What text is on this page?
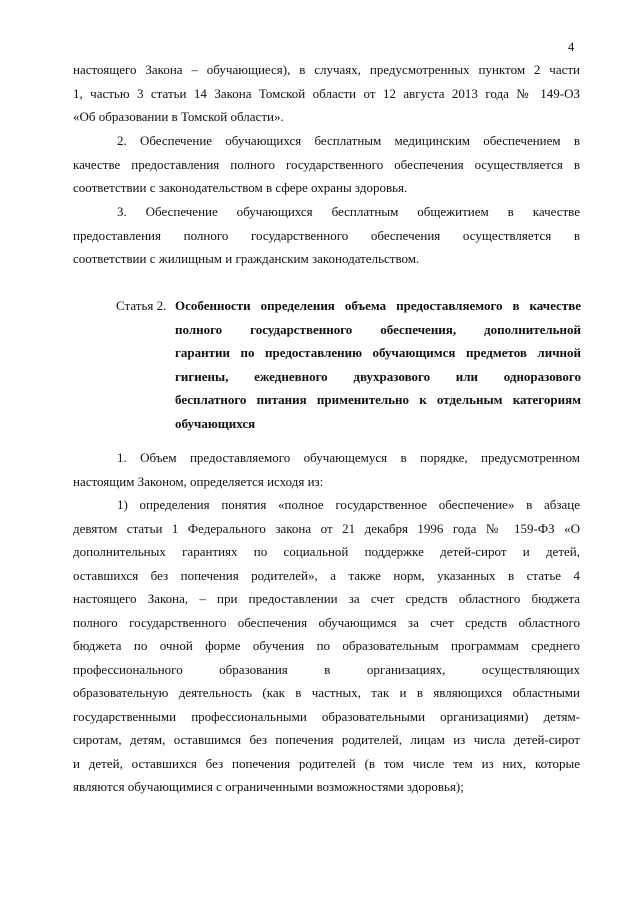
4
настоящего Закона – обучающиеся), в случаях, предусмотренных пунктом 2 части
1, частью 3 статьи 14 Закона Томской области от 12 августа 2013 года № 149-ОЗ
«Об образовании в Томской области».
2. Обеспечение обучающихся бесплатным медицинским обеспечением в
качестве предоставления полного государственного обеспечения осуществляется в
соответствии с законодательством в сфере охраны здоровья.
3. Обеспечение обучающихся бесплатным общежитием в качестве
предоставления полного государственного обеспечения осуществляется в
соответствии с жилищным и гражданским законодательством.
Статья 2. Особенности определения объема предоставляемого в качестве
полного государственного обеспечения, дополнительной
гарантии по предоставлению обучающимся предметов личной
гигиены, ежедневного двухразового или одноразового
бесплатного питания применительно к отдельным категориям
обучающихся
1. Объем предоставляемого обучающемуся в порядке, предусмотренном
настоящим Законом, определяется исходя из:
1) определения понятия «полное государственное обеспечение» в абзаце
девятом статьи 1 Федерального закона от 21 декабря 1996 года № 159-ФЗ «О
дополнительных гарантиях по социальной поддержке детей-сирот и детей,
оставшихся без попечения родителей», а также норм, указанных в статье 4
настоящего Закона, – при предоставлении за счет средств областного бюджета
полного государственного обеспечения обучающимся за счет средств областного
бюджета по очной форме обучения по образовательным программам среднего
профессионального образования в организациях, осуществляющих
образовательную деятельность (как в частных, так и в являющихся областными
государственными профессиональными образовательными организациями) детям-
сиротам, детям, оставшимся без попечения родителей, лицам из числа детей-сирот
и детей, оставшихся без попечения родителей (в том числе тем из них, которые
являются обучающимися с ограниченными возможностями здоровья);
